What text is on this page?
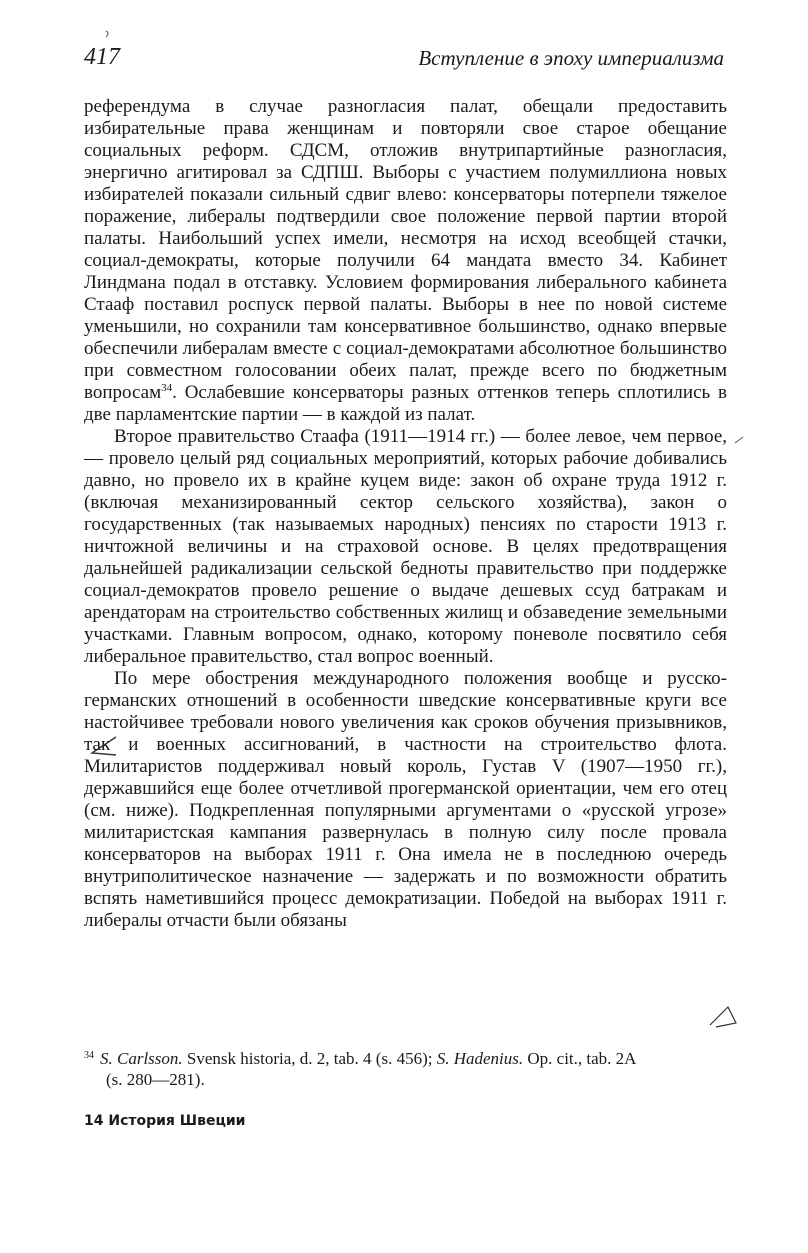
417	Вступление в эпоху империализма

референдума в случае разногласия палат, обещали предоставить избирательные права женщинам и повторяли свое старое обещание социальных реформ. СДСМ, отложив внутрипартийные разногласия, энергично агитировал за СДПШ. Выборы с участием полумиллиона новых избирателей показали сильный сдвиг влево: консерваторы потерпели тяжелое поражение, либералы подтвердили свое положение первой партии второй палаты. Наибольший успех имели, несмотря на исход всеобщей стачки, социал-демократы, которые получили 64 мандата вместо 34. Кабинет Линдмана подал в отставку. Условием формирования либерального кабинета Стааф поставил роспуск первой палаты. Выборы в нее по новой системе уменьшили, но сохранили там консервативное большинство, однако впервые обеспечили либералам вместе с социал-демократами абсолютное большинство при совместном голосовании обеих палат, прежде всего по бюджетным вопросам$^{34}$. Ослабевшие консерваторы разных оттенков теперь сплотились в две парламентские партии — в каждой из палат.

Второе правительство Стаафа (1911—1914 гг.) — более левое, чем первое,— провело целый ряд социальных мероприятий, которых рабочие добивались давно, но провело их в крайне куцем виде: закон об охране труда 1912 г. (включая механизированный сектор сельского хозяйства), закон о государственных (так называемых народных) пенсиях по старости 1913 г. ничтожной величины и на страховой основе. В целях предотвращения дальнейшей радикализации сельской бедноты правительство при поддержке социал-демократов провело решение о выдаче дешевых ссуд батракам и арендаторам на строительство собственных жилищ и обзаведение земельными участками. Главным вопросом, однако, которому поневоле посвятило себя либеральное правительство, стал вопрос военный.

По мере обострения международного положения вообще и русско-германских отношений в особенности шведские консервативные круги все настойчивее требовали нового увеличения как сроков обучения призывников, так и военных ассигнований, в частности на строительство флота. Милитаристов поддерживал новый король, Густав V (1907—1950 гг.), державшийся еще более отчетливой прогерманской ориентации, чем его отец (см. ниже). Подкрепленная популярными аргументами о «русской угрозе» милитаристская кампания развернулась в полную силу после провала консерваторов на выборах 1911 г. Она имела не в последнюю очередь внутриполитическое назначение — задержать и по возможности обратить вспять наметившийся процесс демократизации. Победой на выборах 1911 г. либералы отчасти были обязаны

$^{34}$ S. Carlsson. Svensk historia, d. 2, tab. 4 (s. 456); S. Hadenius. Op. cit., tab. 2A
(s. 280—281).
14 История Швеции
